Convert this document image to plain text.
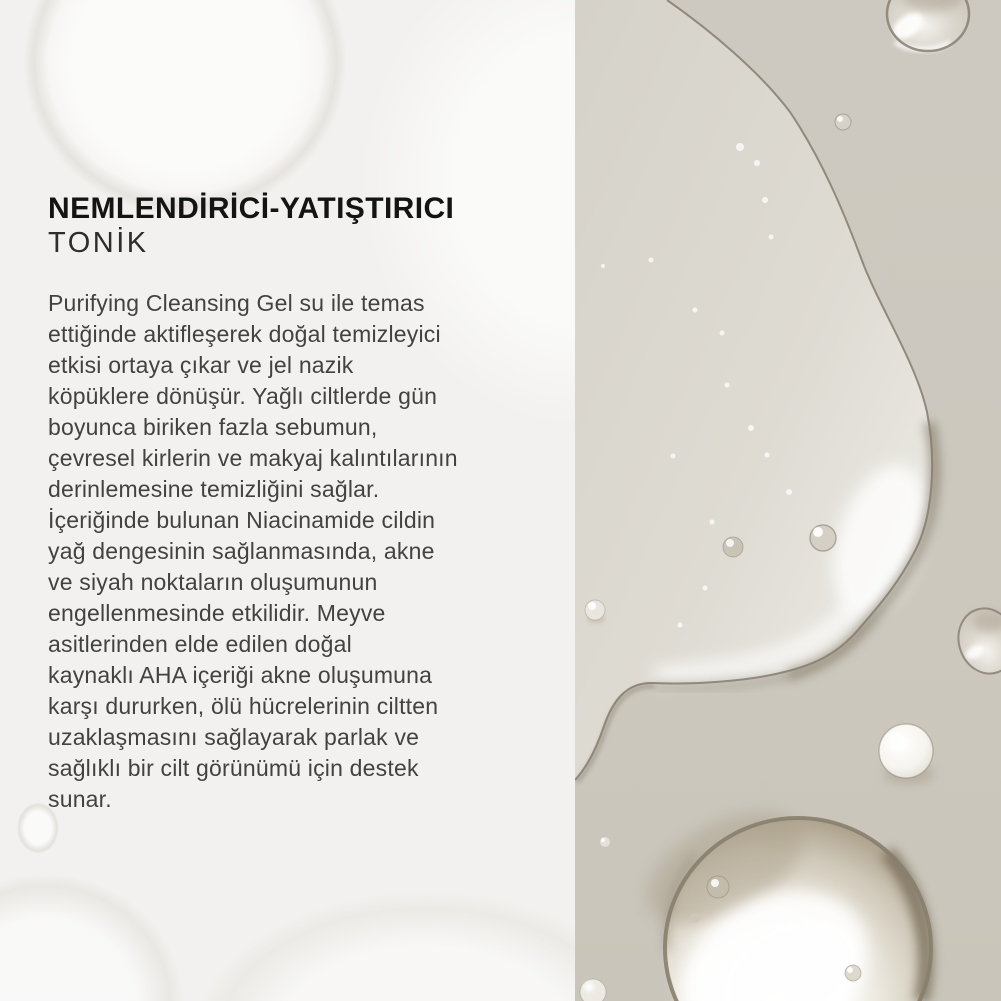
NEMLENDİRİCİ-YATIŞTIRICI
TONİK
Purifying Cleansing Gel su ile temas
ettiğinde aktifleşerek doğal temizleyici
etkisi ortaya çıkar ve jel nazik
köpüklere dönüşür. Yağlı ciltlerde gün
boyunca biriken fazla sebumun,
çevresel kirlerin ve makyaj kalıntılarının
derinlemesine temizliğini sağlar.
İçeriğinde bulunan Niacinamide cildin
yağ dengesinin sağlanmasında, akne
ve siyah noktaların oluşumunun
engellenmesinde etkilidir. Meyve
asitlerinden elde edilen doğal
kaynaklı AHA içeriği akne oluşumuna
karşı dururken, ölü hücrelerinin ciltten
uzaklaşmasını sağlayarak parlak ve
sağlıklı bir cilt görünümü için destek
sunar.
